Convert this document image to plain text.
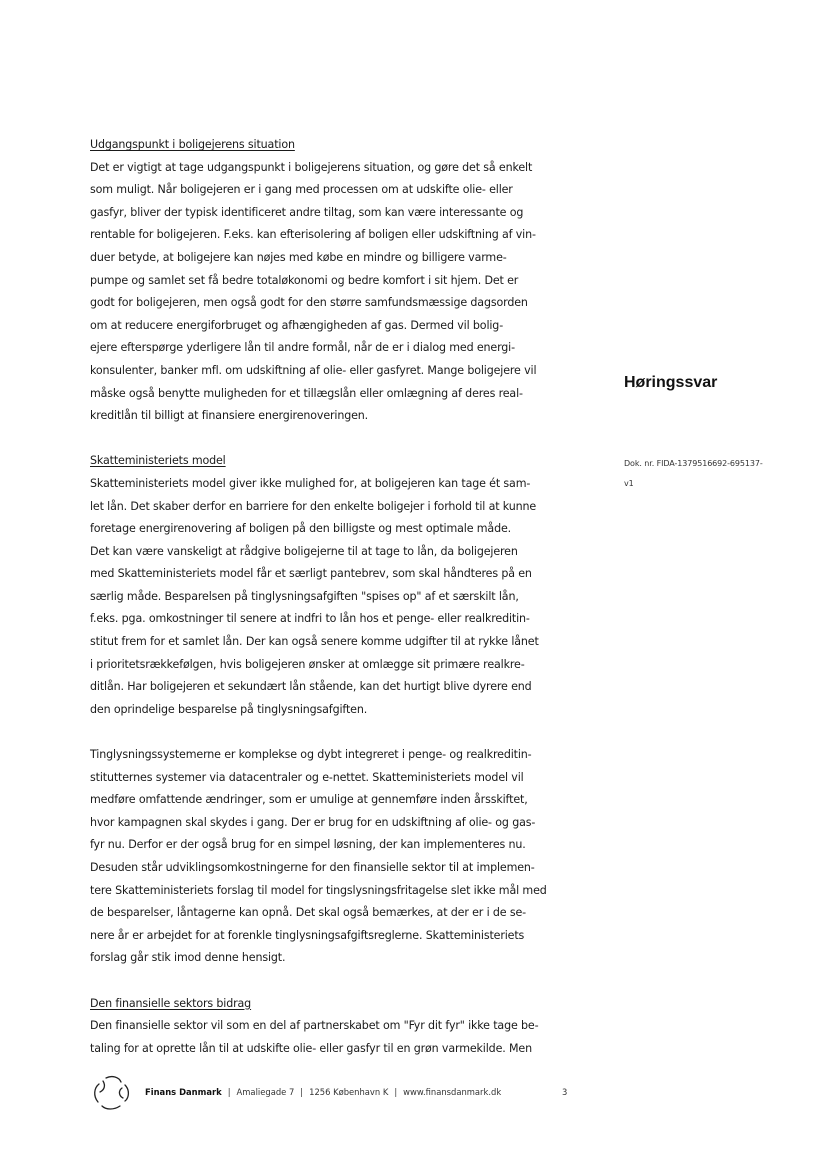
Udgangspunkt i boligejerens situation
Det er vigtigt at tage udgangspunkt i boligejerens situation, og gøre det så enkelt
som muligt. Når boligejeren er i gang med processen om at udskifte olie- eller
gasfyr, bliver der typisk identificeret andre tiltag, som kan være interessante og
rentable for boligejeren. F.eks. kan efterisolering af boligen eller udskiftning af vin-
duer betyde, at boligejere kan nøjes med købe en mindre og billigere varme-
pumpe og samlet set få bedre totaløkonomi og bedre komfort i sit hjem. Det er
godt for boligejeren, men også godt for den større samfundsmæssige dagsorden
om at reducere energiforbruget og afhængigheden af gas. Dermed vil bolig-
ejere efterspørge yderligere lån til andre formål, når de er i dialog med energi-
konsulenter, banker mfl. om udskiftning af olie- eller gasfyret. Mange boligejere vil
måske også benytte muligheden for et tillægslån eller omlægning af deres real-
kreditlån til billigt at finansiere energirenoveringen.
Skatteministeriets model
Skatteministeriets model giver ikke mulighed for, at boligejeren kan tage ét sam-
let lån. Det skaber derfor en barriere for den enkelte boligejer i forhold til at kunne
foretage energirenovering af boligen på den billigste og mest optimale måde.
Det kan være vanskeligt at rådgive boligejerne til at tage to lån, da boligejeren
med Skatteministeriets model får et særligt pantebrev, som skal håndteres på en
særlig måde. Besparelsen på tinglysningsafgiften "spises op" af et særskilt lån,
f.eks. pga. omkostninger til senere at indfri to lån hos et penge- eller realkreditin-
stitut frem for et samlet lån. Der kan også senere komme udgifter til at rykke lånet
i prioritetsrækkefølgen, hvis boligejeren ønsker at omlægge sit primære realkre-
ditlån. Har boligejeren et sekundært lån stående, kan det hurtigt blive dyrere end
den oprindelige besparelse på tinglysningsafgiften.
Tinglysningssystemerne er komplekse og dybt integreret i penge- og realkreditin-
stitutternes systemer via datacentraler og e-nettet. Skatteministeriets model vil
medføre omfattende ændringer, som er umulige at gennemføre inden årsskiftet,
hvor kampagnen skal skydes i gang. Der er brug for en udskiftning af olie- og gas-
fyr nu. Derfor er der også brug for en simpel løsning, der kan implementeres nu.
Desuden står udviklingsomkostningerne for den finansielle sektor til at implemen-
tere Skatteministeriets forslag til model for tingslysningsfritagelse slet ikke mål med
de besparelser, låntagerne kan opnå. Det skal også bemærkes, at der er i de se-
nere år er arbejdet for at forenkle tinglysningsafgiftsreglerne. Skatteministeriets
forslag går stik imod denne hensigt.
Den finansielle sektors bidrag
Den finansielle sektor vil som en del af partnerskabet om "Fyr dit fyr" ikke tage be-
taling for at oprette lån til at udskifte olie- eller gasfyr til en grøn varmekilde. Men
Høringssvar
Dok. nr. FIDA-1379516692-695137-
v1
Finans Danmark | Amaliegade 7 | 1256 København K | www.finansdanmark.dk	3
